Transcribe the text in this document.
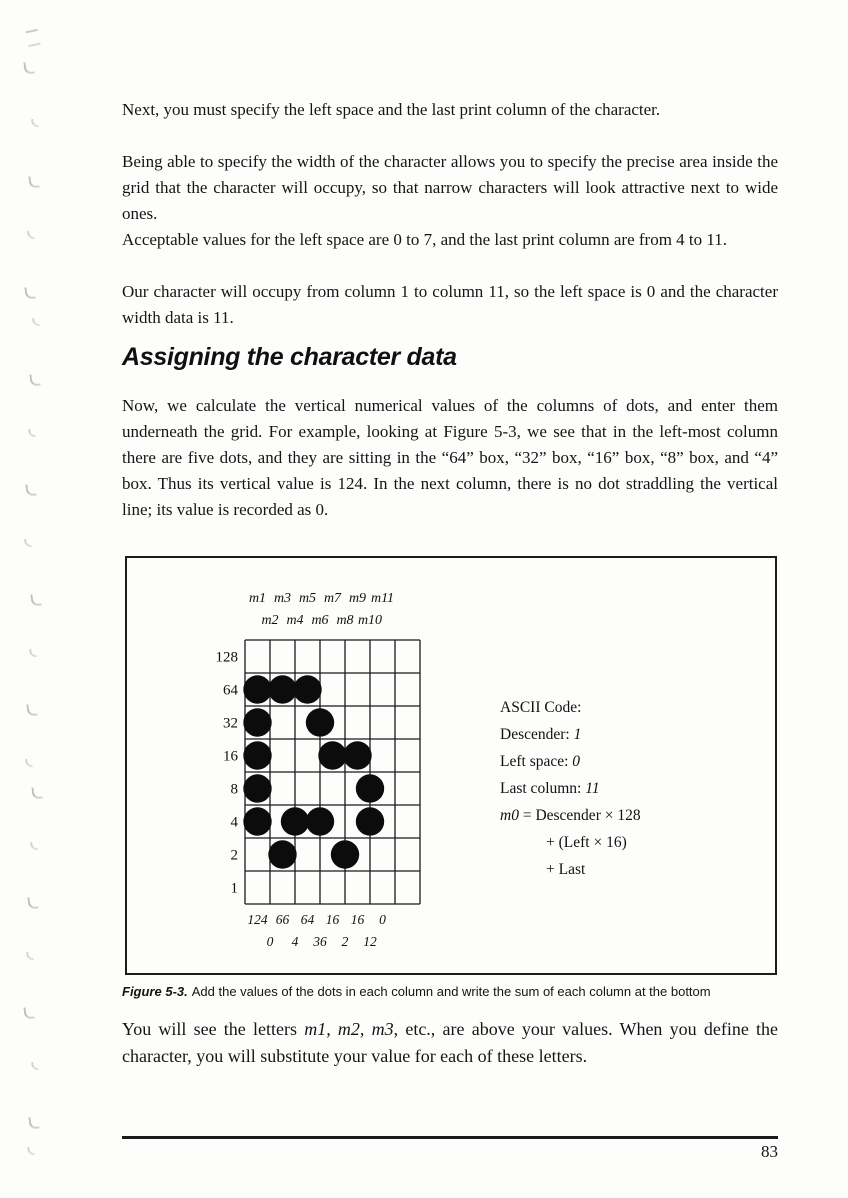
Next, you must specify the left space and the last print column of the character.

Being able to specify the width of the character allows you to specify the precise area inside the grid that the character will occupy, so that narrow characters will look attractive next to wide ones.

Acceptable values for the left space are 0 to 7, and the last print column are from 4 to 11.

Our character will occupy from column 1 to column 11, so the left space is 0 and the character width data is 11.

Assigning the character data

Now, we calculate the vertical numerical values of the columns of dots, and enter them underneath the grid. For example, looking at Figure 5-3, we see that in the left-most column there are five dots, and they are sitting in the “64” box, “32” box, “16” box, “8” box, and “4” box. Thus its vertical value is 124. In the next column, there is no dot straddling the vertical line; its value is recorded as 0.

128
64
32
16
8
4
2
1
m1 m3 m5 m7 m9 m11
m2 m4 m6 m8 m10
124 66 64 16 16 0
0 4 36 2 12
ASCII Code:
Descender: 1
Left space: 0
Last column: 11
m0 = Descender × 128
+ (Left × 16)
+ Last

Figure 5-3. Add the values of the dots in each column and write the sum of each column at the bottom

You will see the letters m1, m2, m3, etc., are above your values. When you define the character, you will substitute your value for each of these letters.

83
